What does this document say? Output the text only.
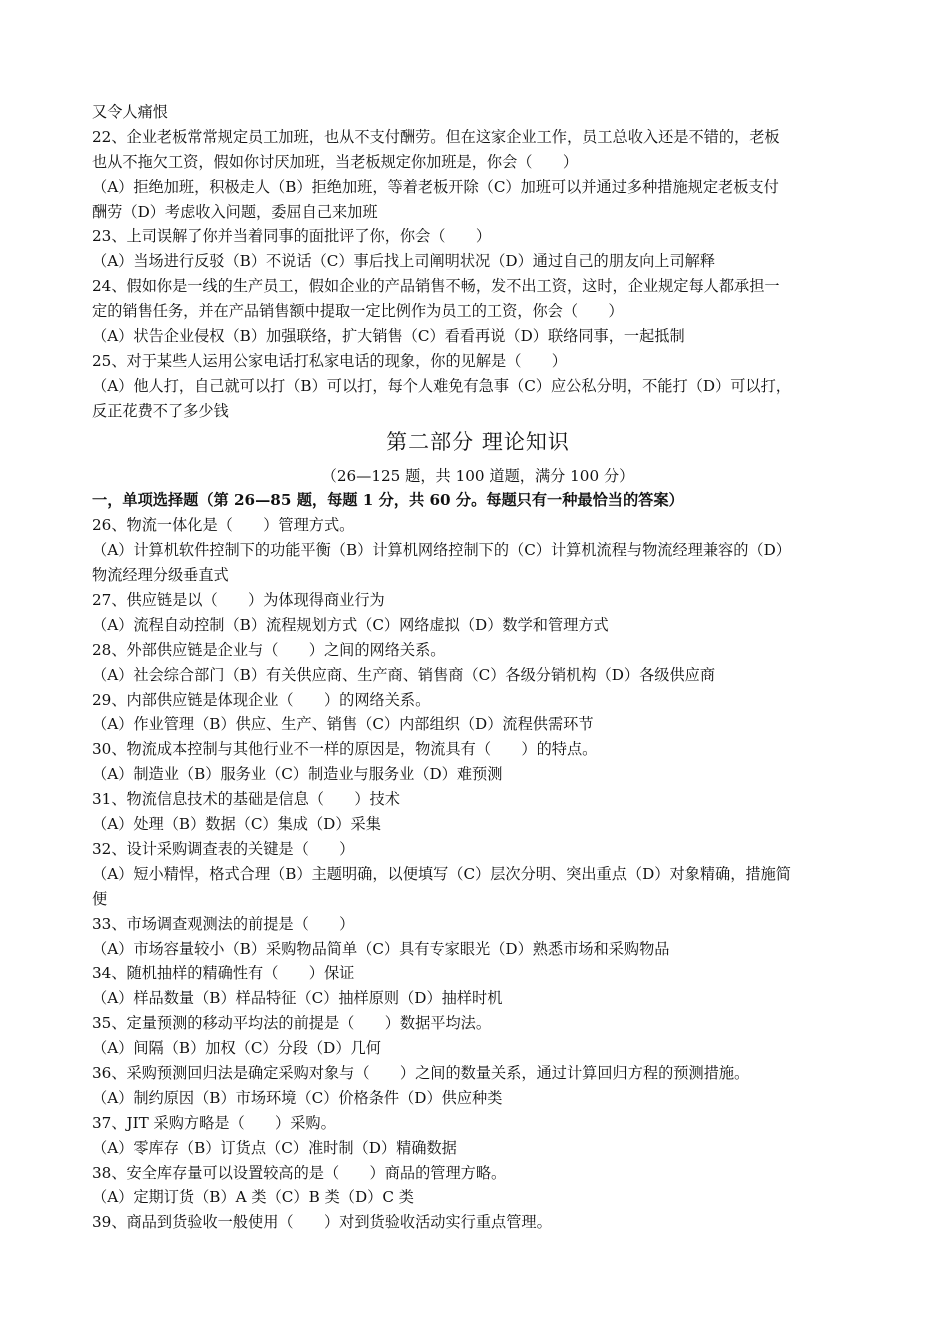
又令人痛恨
22、企业老板常常规定员工加班，也从不支付酬劳。但在这家企业工作，员工总收入还是不错的，老板
也从不拖欠工资，假如你讨厌加班，当老板规定你加班是，你会（　　）
（A）拒绝加班，积极走人（B）拒绝加班，等着老板开除（C）加班可以并通过多种措施规定老板支付
酬劳（D）考虑收入问题，委屈自己来加班
23、上司误解了你并当着同事的面批评了你，你会（　　）
（A）当场进行反驳（B）不说话（C）事后找上司阐明状况（D）通过自己的朋友向上司解释
24、假如你是一线的生产员工，假如企业的产品销售不畅，发不出工资，这时，企业规定每人都承担一
定的销售任务，并在产品销售额中提取一定比例作为员工的工资，你会（　　）
（A）状告企业侵权（B）加强联络，扩大销售（C）看看再说（D）联络同事，一起抵制
25、对于某些人运用公家电话打私家电话的现象，你的见解是（　　）
（A）他人打，自己就可以打（B）可以打，每个人难免有急事（C）应公私分明，不能打（D）可以打，
反正花费不了多少钱
第二部分 理论知识
（26—125 题，共 100 道题，满分 100 分）
一，单项选择题（第 26—85 题，每题 1 分，共 60 分。每题只有一种最恰当的答案）
26、物流一体化是（　　）管理方式。
（A）计算机软件控制下的功能平衡（B）计算机网络控制下的（C）计算机流程与物流经理兼容的（D）
物流经理分级垂直式
27、供应链是以（　　）为体现得商业行为
（A）流程自动控制（B）流程规划方式（C）网络虚拟（D）数学和管理方式
28、外部供应链是企业与（　　）之间的网络关系。
（A）社会综合部门（B）有关供应商、生产商、销售商（C）各级分销机构（D）各级供应商
29、内部供应链是体现企业（　　）的网络关系。
（A）作业管理（B）供应、生产、销售（C）内部组织（D）流程供需环节
30、物流成本控制与其他行业不一样的原因是，物流具有（　　）的特点。
（A）制造业（B）服务业（C）制造业与服务业（D）难预测
31、物流信息技术的基础是信息（　　）技术
（A）处理（B）数据（C）集成（D）采集
32、设计采购调查表的关键是（　　）
（A）短小精悍，格式合理（B）主题明确，以便填写（C）层次分明、突出重点（D）对象精确，措施简
便
33、市场调查观测法的前提是（　　）
（A）市场容量较小（B）采购物品简单（C）具有专家眼光（D）熟悉市场和采购物品
34、随机抽样的精确性有（　　）保证
（A）样品数量（B）样品特征（C）抽样原则（D）抽样时机
35、定量预测的移动平均法的前提是（　　）数据平均法。
（A）间隔（B）加权（C）分段（D）几何
36、采购预测回归法是确定采购对象与（　　）之间的数量关系，通过计算回归方程的预测措施。
（A）制约原因（B）市场环境（C）价格条件（D）供应种类
37、JIT 采购方略是（　　）采购。
（A）零库存（B）订货点（C）准时制（D）精确数据
38、安全库存量可以设置较高的是（　　）商品的管理方略。
（A）定期订货（B）A 类（C）B 类（D）C 类
39、商品到货验收一般使用（　　）对到货验收活动实行重点管理。
